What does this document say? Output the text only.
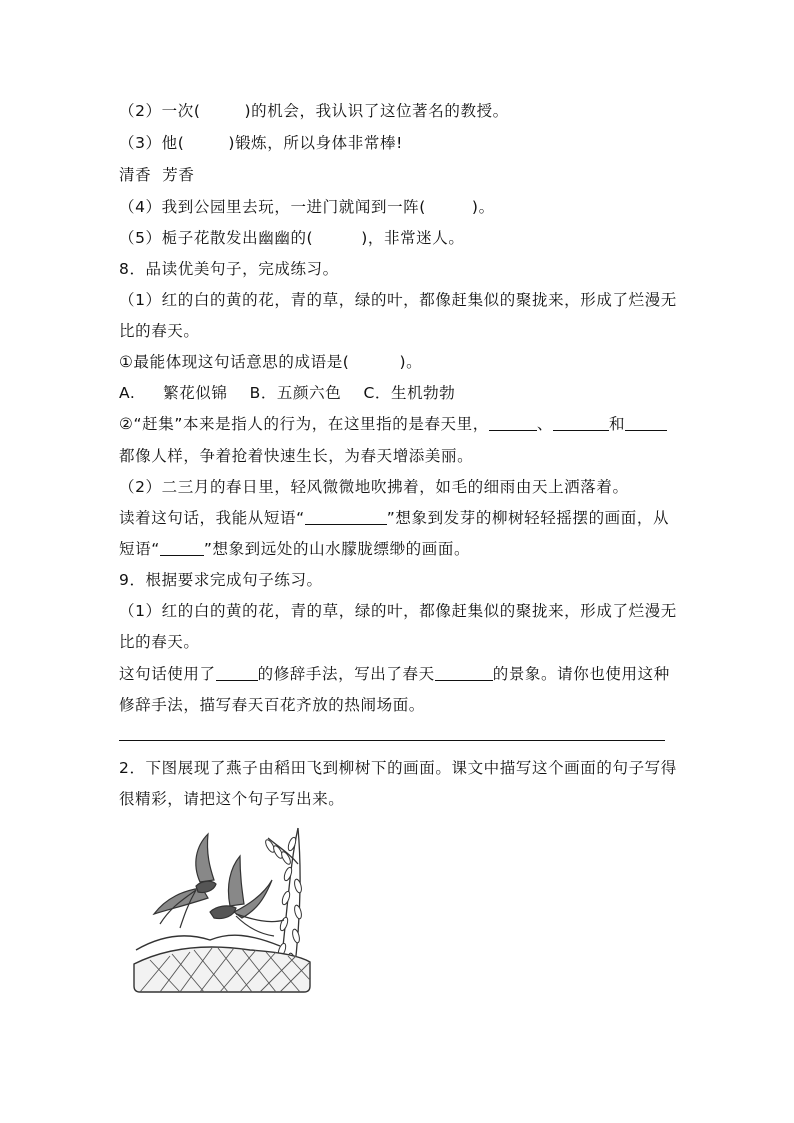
（2）一次(	)的机会，我认识了这位著名的教授。
（3）他(	)锻炼，所以身体非常棒!
清香  芳香
（4）我到公园里去玩，一进门就闻到一阵(	)。
（5）栀子花散发出幽幽的(	)，非常迷人。
8．品读优美句子，完成练习。
（1）红的白的黄的花，青的草，绿的叶，都像赶集似的聚拢来，形成了烂漫无
比的春天。
①最能体现这句话意思的成语是(	)。
A.     繁花似锦    B．五颜六色    C．生机勃勃
②“赶集”本来是指人的行为，在这里指的是春天里，	、	和
都像人样，争着抢着快速生长，为春天增添美丽。
（2）二三月的春日里，轻风微微地吹拂着，如毛的细雨由天上洒落着。
读着这句话，我能从短语“	”想象到发芽的柳树轻轻摇摆的画面，从
短语“	”想象到远处的山水朦胧缥缈的画面。
9．根据要求完成句子练习。
（1）红的白的黄的花，青的草，绿的叶，都像赶集似的聚拢来，形成了烂漫无
比的春天。
这句话使用了	的修辞手法，写出了春天	的景象。请你也使用这种
修辞手法，描写春天百花齐放的热闹场面。
2．下图展现了燕子由稻田飞到柳树下的画面。课文中描写这个画面的句子写得
很精彩，请把这个句子写出来。
